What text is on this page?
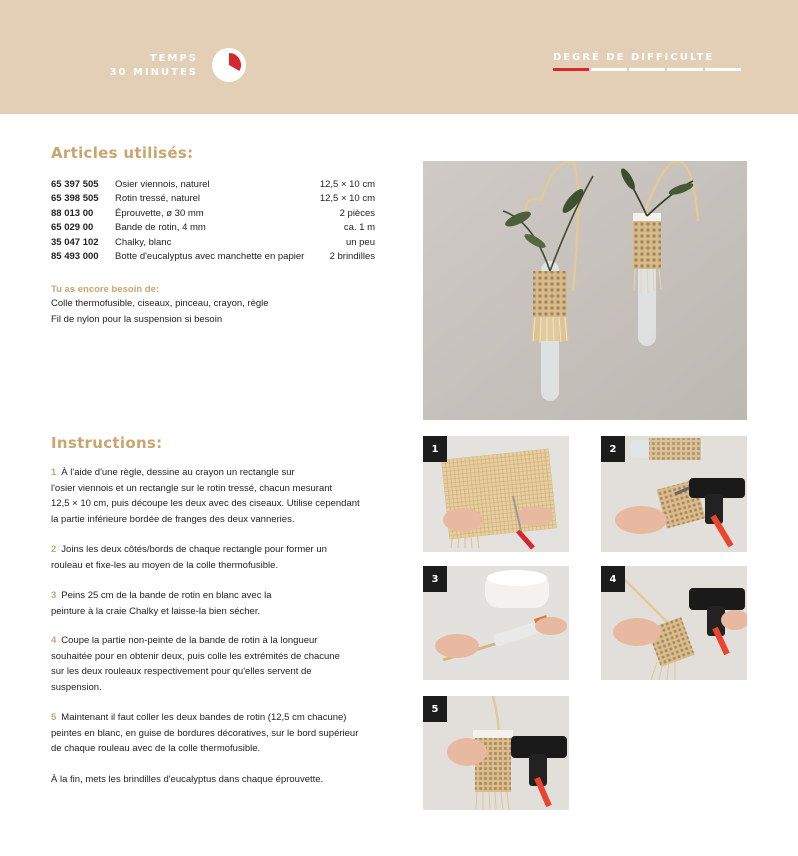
TEMPS
30 MINUTES
DEGRÉ DE DIFFICULTÉ
Articles utilisés:
65 397 505	Osier viennois, naturel	12,5 × 10 cm
65 398 505	Rotin tressé, naturel	12,5 × 10 cm
88 013 00	Éprouvette, ø 30 mm	2 pièces
65 029 00	Bande de rotin, 4 mm	ca. 1 m
35 047 102	Chalky, blanc	un peu
85 493 000	Botte d'eucalyptus avec manchette en papier	2 brindilles
Tu as encore besoin de:
Colle thermofusible, ciseaux, pinceau, crayon, règle
Fil de nylon pour la suspension si besoin
Instructions:
1 À l'aide d'une règle, dessine au crayon un rectangle sur
l'osier viennois et un rectangle sur le rotin tressé, chacun mesurant
12,5 × 10 cm, puis découpe les deux avec des ciseaux. Utilise cependant
la partie inférieure bordée de franges des deux vanneries.
2 Joins les deux côtés/bords de chaque rectangle pour former un
rouleau et fixe-les au moyen de la colle thermofusible.
3 Peins 25 cm de la bande de rotin en blanc avec la
peinture à la craie Chalky et laisse-la bien sécher.
4 Coupe la partie non-peinte de la bande de rotin à la longueur
souhaitée pour en obtenir deux, puis colle les extrémités de chacune
sur les deux rouleaux respectivement pour qu'elles servent de
suspension.
5 Maintenant il faut coller les deux bandes de rotin (12,5 cm chacune)
peintes en blanc, en guise de bordures décoratives, sur le bord supérieur
de chaque rouleau avec de la colle thermofusible.
À la fin, mets les brindilles d'eucalyptus dans chaque éprouvette.
1	2
3	4
5
